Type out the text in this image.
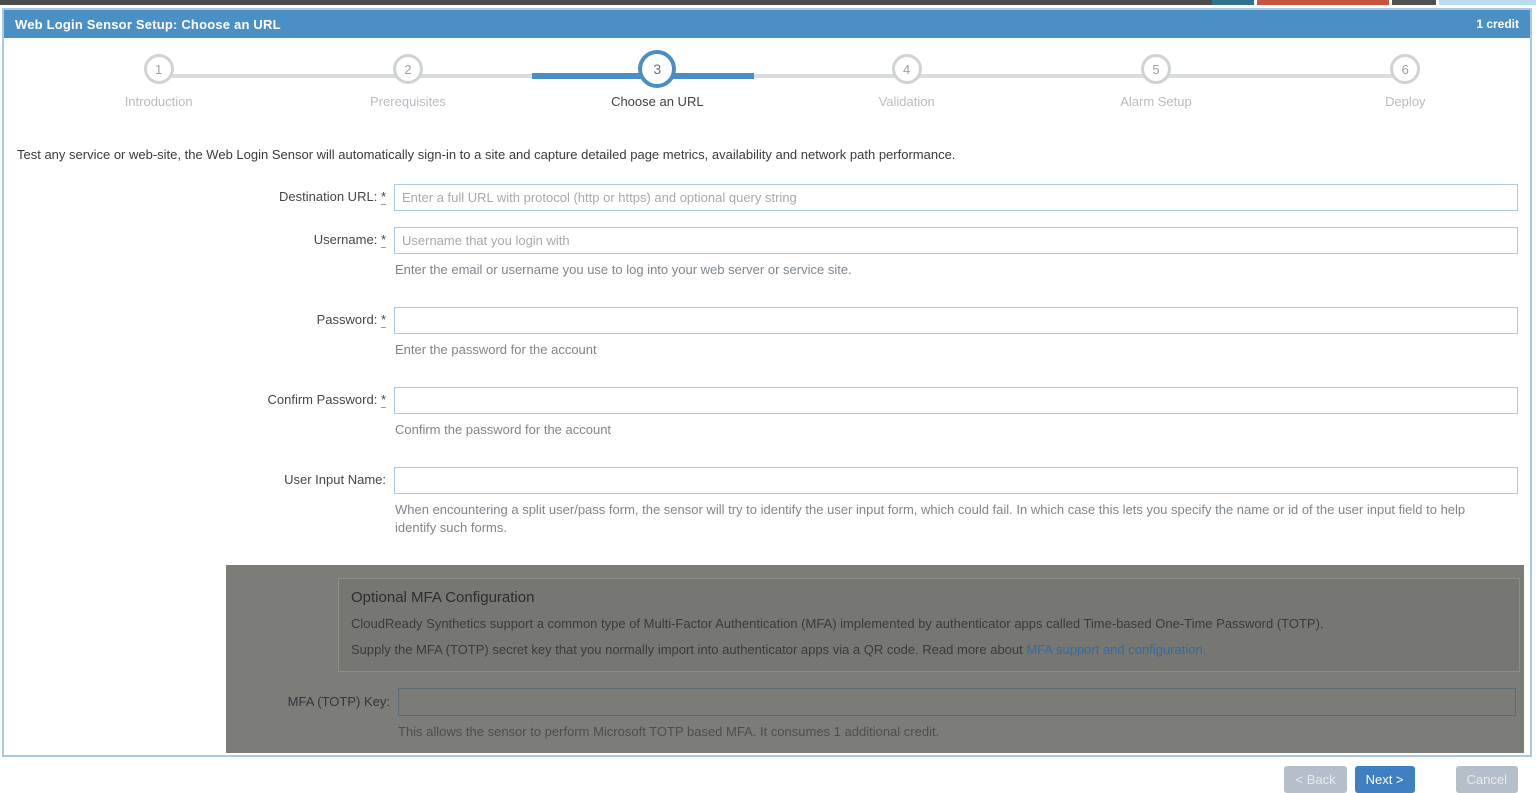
Web Login Sensor Setup: Choose an URL	1 credit
1
Introduction
2
Prerequisites
3
Choose an URL
4
Validation
5
Alarm Setup
6
Deploy

Test any service or web-site, the Web Login Sensor will automatically sign-in to a site and capture detailed page metrics, availability and network path performance.

Destination URL: *
Enter a full URL with protocol (http or https) and optional query string
Username: *
Username that you login with
Enter the email or username you use to log into your web server or service site.
Password: *
Enter the password for the account
Confirm Password: *
Confirm the password for the account
User Input Name:
When encountering a split user/pass form, the sensor will try to identify the user input form, which could fail. In which case this lets you specify the name or id of the user input field to help identify such forms.
Optional MFA Configuration

CloudReady Synthetics support a common type of Multi-Factor Authentication (MFA) implemented by authenticator apps called Time-based One-Time Password (TOTP).

Supply the MFA (TOTP) secret key that you normally import into authenticator apps via a QR code. Read more about MFA support and configuration.

MFA (TOTP) Key:
This allows the sensor to perform Microsoft TOTP based MFA. It consumes 1 additional credit.
< Back	Next >	Cancel
